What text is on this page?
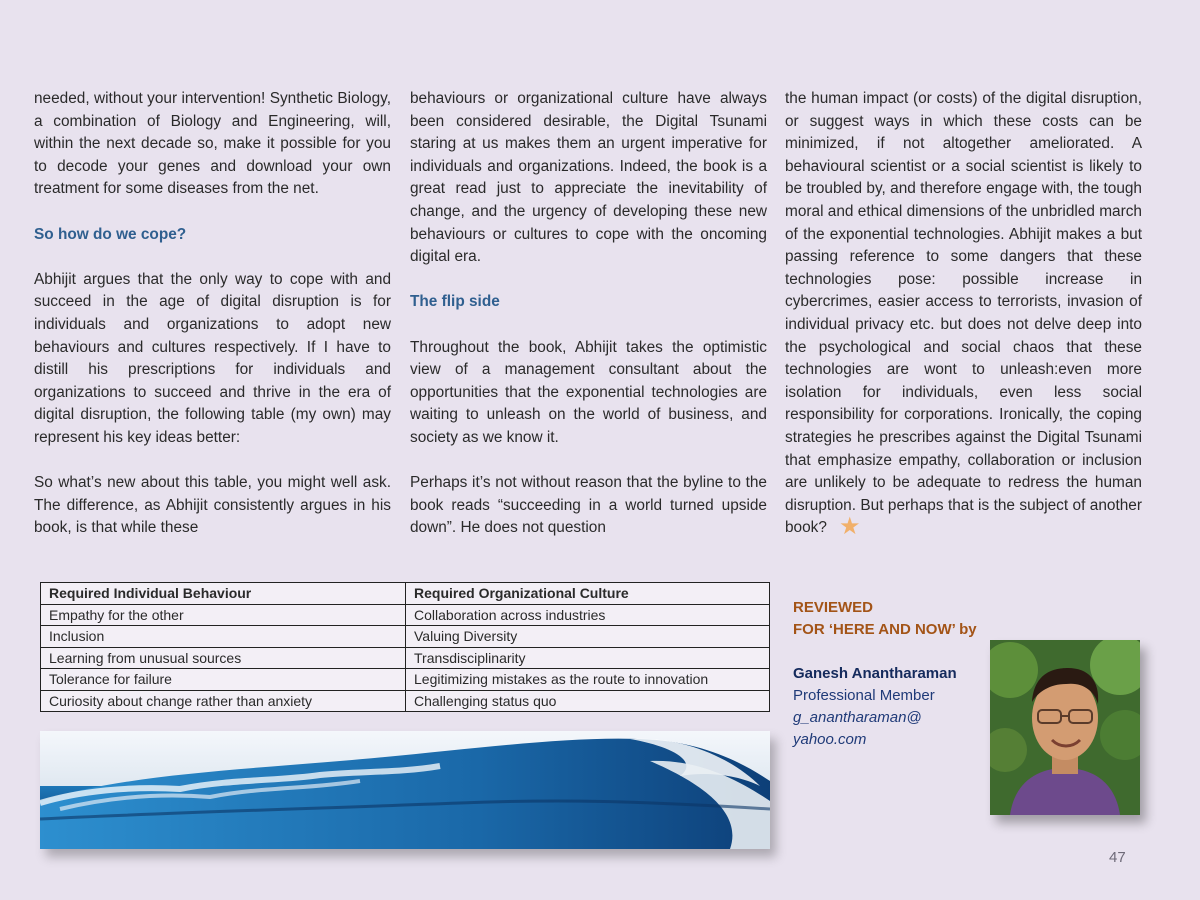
needed, without your intervention! Synthetic Biology, a combination of Biology and Engineering, will, within the next decade so, make it possible for you to decode your genes and download your own treatment for some diseases from the net.

So how do we cope?

Abhijit argues that the only way to cope with and succeed in the age of digital disruption is for individuals and organizations to adopt new behaviours and cultures respectively. If I have to distill his prescriptions for individuals and organizations to succeed and thrive in the era of digital disruption, the following table (my own) may represent his key ideas better:

So what’s new about this table, you might well ask. The difference, as Abhijit consistently argues in his book, is that while these

behaviours or organizational culture have always been considered desirable, the Digital Tsunami staring at us makes them an urgent imperative for individuals and organizations. Indeed, the book is a great read just to appreciate the inevitability of change, and the urgency of developing these new behaviours or cultures to cope with the oncoming digital era.

The flip side

Throughout the book, Abhijit takes the optimistic view of a management consultant about the opportunities that the exponential technologies are waiting to unleash on the world of business, and society as we know it.

Perhaps it’s not without reason that the byline to the book reads “succeeding in a world turned upside down”. He does not question

the human impact (or costs) of the digital disruption, or suggest ways in which these costs can be minimized, if not altogether ameliorated. A behavioural scientist or a social scientist is likely to be troubled by, and therefore engage with, the tough moral and ethical dimensions of the unbridled march of the exponential technologies. Abhijit makes a but passing reference to some dangers that these technologies pose: possible increase in cybercrimes, easier access to terrorists, invasion of individual privacy etc. but does not delve deep into the psychological and social chaos that these technologies are wont to unleash:even more isolation for individuals, even less social responsibility for corporations. Ironically, the coping strategies he prescribes against the Digital Tsunami that emphasize empathy, collaboration or inclusion are unlikely to be adequate to redress the human disruption. But perhaps that is the subject of another book? ★

Required Individual Behaviour	Required Organizational Culture
Empathy for the other	Collaboration across industries
Inclusion	Valuing Diversity
Learning from unusual sources	Transdisciplinarity
Tolerance for failure	Legitimizing mistakes as the route to innovation
Curiosity about change rather than anxiety	Challenging status quo
REVIEWED
FOR ‘HERE AND NOW’ by
Ganesh Anantharaman
Professional Member
g_anantharaman@
yahoo.com
47
